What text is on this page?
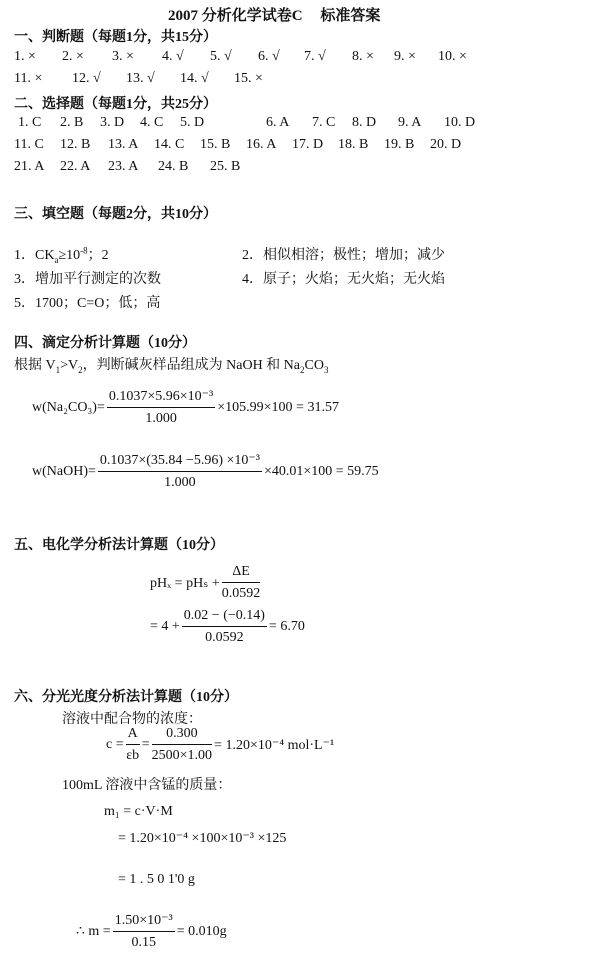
2007 分析化学试卷C 标准答案
一、判断题（每题1分，共15分）
1. × 2. × 3. × 4. √ 5. √ 6. √ 7. √ 8. × 9. × 10. ×
11. × 12. √ 13. √ 14. √ 15. ×
二、选择题（每题1分，共25分）
1. C 2. B 3. D 4. C 5. D	6. A 7. C 8. D 9. A 10. D
11. C 12. B 13. A 14. C 15. B 16. A 17. D 18. B 19. B 20. D
21. A 22. A 23. A 24. B 25. B
三、填空题（每题2分，共10分）
1．$CK_a\ge 10^{-8}$；2	2．相似相溶；极性；增加；减少
3．增加平行测定的次数	4．原子；火焰；无火焰；无火焰
5．1700；C=O；低；高
四、滴定分析计算题（10分）
根据 $V_1>V_2$，判断碱灰样品组成为 NaOH 和 $Na_2CO_3$
$w(Na_2CO_3)= \frac{\text{0.1037×5.96×10⁻³}}{1.000} \times 105.99\times 100 = 31.57$
w(NaOH)= $\frac{\text{0.1037×(35.84 −5.96) ×10⁻³}}{1.000} \times 40.01\times 100 = 59.75$
五、电化学分析法计算题（10分）
$pH_x = pH_s + \frac{\Delta E}{0.0592}$
= $4 + \frac{0.02 - (-0.14)}{0.0592} = 6.70$
六、分光光度分析法计算题（10分）
溶液中配合物的浓度：
$c = \frac{A}{\varepsilon b} = \frac{0.300}{2500\times 1.00} = 1.20\times 10^{-4}$ mol·L⁻¹
100mL 溶液中含锰的质量：
m₁ = c·V·M
= 1.20×10⁻⁴ ×100×10⁻³ ×125
= 1 . 5 0 1'0 g
∴ $m = \frac{\text{1.50×10⁻³}}{0.15} = 0.010g$
